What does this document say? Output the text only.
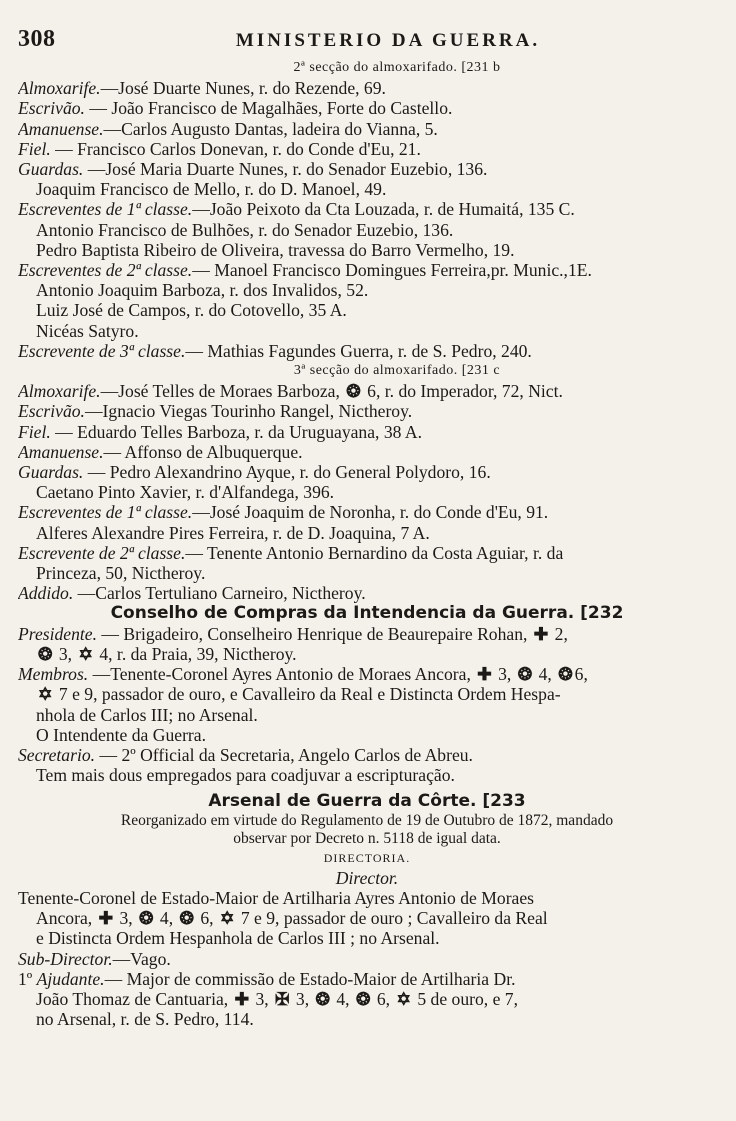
308	MINISTERIO DA GUERRA.
2ª secção do almoxarifado. [231 b
Almoxarife.—José Duarte Nunes, r. do Rezende, 69.
Escrivão. — João Francisco de Magalhães, Forte do Castello.
Amanuense.—Carlos Augusto Dantas, ladeira do Vianna, 5.
Fiel. — Francisco Carlos Donevan, r. do Conde d'Eu, 21.
Guardas. —José Maria Duarte Nunes, r. do Senador Euzebio, 136.
Joaquim Francisco de Mello, r. do D. Manoel, 49.
Escreventes de 1ª classe.—João Peixoto da Cta Louzada, r. de Humaitá, 135 C.
Antonio Francisco de Bulhões, r. do Senador Euzebio, 136.
Pedro Baptista Ribeiro de Oliveira, travessa do Barro Vermelho, 19.
Escreventes de 2ª classe.— Manoel Francisco Domingues Ferreira,pr. Munic.,1E.
Antonio Joaquim Barboza, r. dos Invalidos, 52.
Luiz José de Campos, r. do Cotovello, 35 A.
Nicéas Satyro.
Escrevente de 3ª classe.— Mathias Fagundes Guerra, r. de S. Pedro, 240.
3ª secção do almoxarifado. [231 c
Almoxarife.—José Telles de Moraes Barboza, ❂ 6, r. do Imperador, 72, Nict.
Escrivão.—Ignacio Viegas Tourinho Rangel, Nictheroy.
Fiel. — Eduardo Telles Barboza, r. da Uruguayana, 38 A.
Amanuense.— Affonso de Albuquerque.
Guardas. — Pedro Alexandrino Ayque, r. do General Polydoro, 16.
Caetano Pinto Xavier, r. d'Alfandega, 396.
Escreventes de 1ª classe.—José Joaquim de Noronha, r. do Conde d'Eu, 91.
Alferes Alexandre Pires Ferreira, r. de D. Joaquina, 7 A.
Escrevente de 2ª classe.— Tenente Antonio Bernardino da Costa Aguiar, r. da
Princeza, 50, Nictheroy.
Addido. —Carlos Tertuliano Carneiro, Nictheroy.
Conselho de Compras da Intendencia da Guerra. [232
Presidente. — Brigadeiro, Conselheiro Henrique de Beaurepaire Rohan, ✚ 2,
❂ 3, ✡ 4, r. da Praia, 39, Nictheroy.
Membros. —Tenente-Coronel Ayres Antonio de Moraes Ancora, ✚ 3, ❂ 4, ❂ 6,
✡ 7 e 9, passador de ouro, e Cavalleiro da Real e Distincta Ordem Hespa-
nhola de Carlos III; no Arsenal.
O Intendente da Guerra.
Secretario. — 2º Official da Secretaria, Angelo Carlos de Abreu.
Tem mais dous empregados para coadjuvar a escripturação.
Arsenal de Guerra da Côrte. [233
Reorganizado em virtude do Regulamento de 19 de Outubro de 1872, mandado
observar por Decreto n. 5118 de igual data.
DIRECTORIA.
Director.
Tenente-Coronel de Estado-Maior de Artilharia Ayres Antonio de Moraes
Ancora, ✚ 3, ❂ 4, ❂ 6, ✡ 7 e 9, passador de ouro ; Cavalleiro da Real
e Distincta Ordem Hespanhola de Carlos III ; no Arsenal.
Sub-Director.—Vago.
1º Ajudante.— Major de commissão de Estado-Maior de Artilharia Dr.
João Thomaz de Cantuaria, ✚ 3, ✠ 3, ❂ 4, ❂ 6, ✡ 5 de ouro, e 7,
no Arsenal, r. de S. Pedro, 114.
